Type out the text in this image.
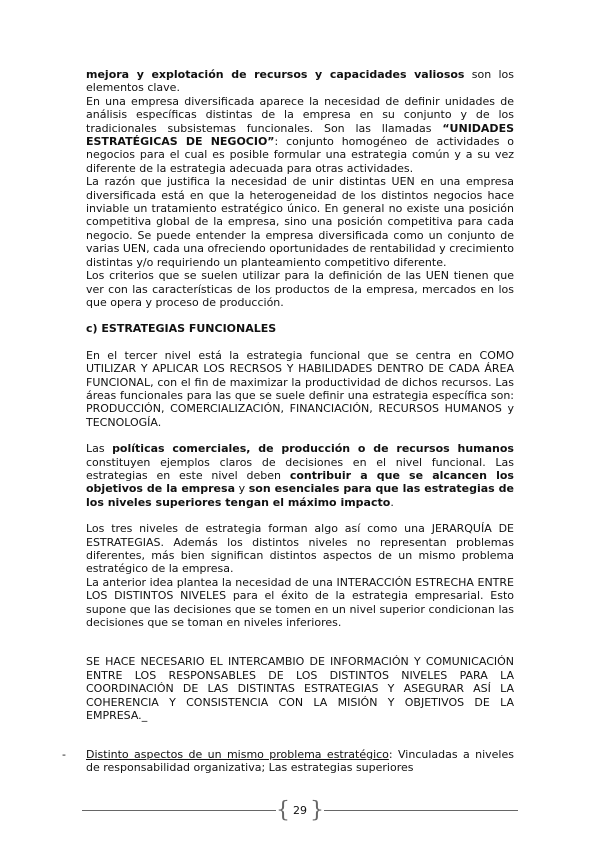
mejora y explotación de recursos y capacidades valiosos son los elementos clave.

En una empresa diversificada aparece la necesidad de definir unidades de análisis específicas distintas de la empresa en su conjunto y de los tradicionales subsistemas funcionales. Son las llamadas “UNIDADES ESTRATÉGICAS DE NEGOCIO”: conjunto homogéneo de actividades o negocios para el cual es posible formular una estrategia común y a su vez diferente de la estrategia adecuada para otras actividades.

La razón que justifica la necesidad de unir distintas UEN en una empresa diversificada está en que la heterogeneidad de los distintos negocios hace inviable un tratamiento estratégico único. En general no existe una posición competitiva global de la empresa, sino una posición competitiva para cada negocio. Se puede entender la empresa diversificada como un conjunto de varias UEN, cada una ofreciendo oportunidades de rentabilidad y crecimiento distintas y/o requiriendo un planteamiento competitivo diferente.

Los criterios que se suelen utilizar para la definición de las UEN tienen que ver con las características de los productos de la empresa, mercados en los que opera y proceso de producción.

c) ESTRATEGIAS FUNCIONALES

En el tercer nivel está la estrategia funcional que se centra en COMO UTILIZAR Y APLICAR LOS RECRSOS Y HABILIDADES DENTRO DE CADA ÁREA FUNCIONAL, con el fin de maximizar la productividad de dichos recursos. Las áreas funcionales para las que se suele definir una estrategia específica son: PRODUCCIÓN, COMERCIALIZACIÓN, FINANCIACIÓN, RECURSOS HUMANOS y TECNOLOGÍA.

Las políticas comerciales, de producción o de recursos humanos constituyen ejemplos claros de decisiones en el nivel funcional. Las estrategias en este nivel deben contribuir a que se alcancen los objetivos de la empresa y son esenciales para que las estrategias de los niveles superiores tengan el máximo impacto.

Los tres niveles de estrategia forman algo así como una JERARQUÍA DE ESTRATEGIAS. Además los distintos niveles no representan problemas diferentes, más bien significan distintos aspectos de un mismo problema estratégico de la empresa.

La anterior idea plantea la necesidad de una INTERACCIÓN ESTRECHA ENTRE LOS DISTINTOS NIVELES para el éxito de la estrategia empresarial. Esto supone que las decisiones que se tomen en un nivel superior condicionan las decisiones que se toman en niveles inferiores.

SE HACE NECESARIO EL INTERCAMBIO DE INFORMACIÓN Y COMUNICACIÓN ENTRE LOS RESPONSABLES DE LOS DISTINTOS NIVELES PARA LA COORDINACIÓN DE LAS DISTINTAS ESTRATEGIAS Y ASEGURAR ASÍ LA COHERENCIA Y CONSISTENCIA CON LA MISIÓN Y OBJETIVOS DE LA EMPRESA._

- Distinto aspectos de un mismo problema estratégico: Vinculadas a niveles de responsabilidad organizativa; Las estrategias superiores

{ 29 }
